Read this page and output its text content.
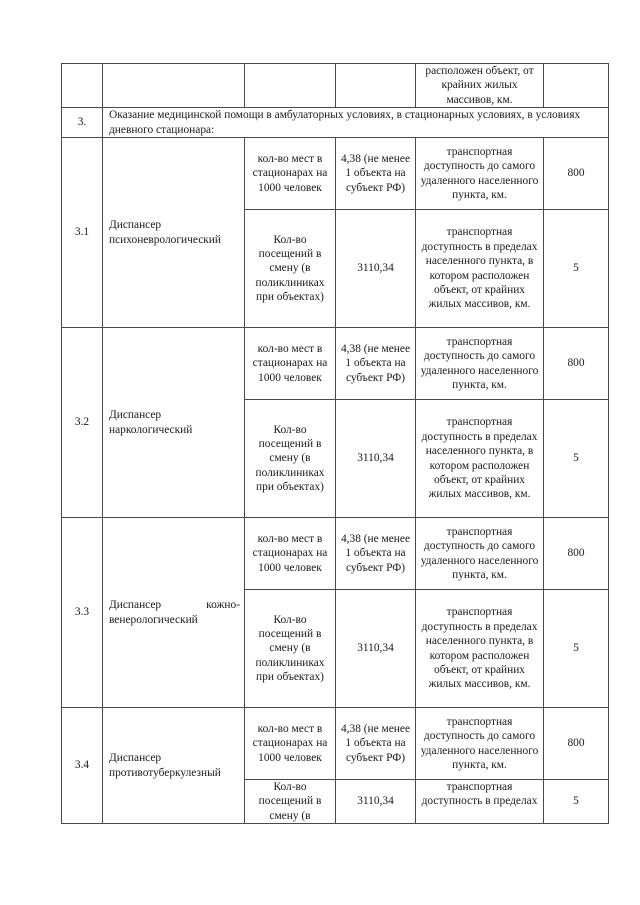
				расположен объект, от крайних жилых массивов, км.	
3.	Оказание медицинской помощи в амбулаторных условиях, в стационарных условиях, в условиях дневного стационара:				
3.1	Диспансер психоневрологический	кол-во мест в стационарах на 1000 человек	4,38 (не менее 1 объекта на субъект РФ)	транспортная доступность до самого удаленного населенного пункта, км.	800
		Кол-во посещений в смену (в поликлиниках при объектах)	3110,34	транспортная доступность в пределах населенного пункта, в котором расположен объект, от крайних жилых массивов, км.	5
3.2	Диспансер наркологический	кол-во мест в стационарах на 1000 человек	4,38 (не менее 1 объекта на субъект РФ)	транспортная доступность до самого удаленного населенного пункта, км.	800
		Кол-во посещений в смену (в поликлиниках при объектах)	3110,34	транспортная доступность в пределах населенного пункта, в котором расположен объект, от крайних жилых массивов, км.	5
3.3	Диспансер кожно-венерологический	кол-во мест в стационарах на 1000 человек	4,38 (не менее 1 объекта на субъект РФ)	транспортная доступность до самого удаленного населенного пункта, км.	800
		Кол-во посещений в смену (в поликлиниках при объектах)	3110,34	транспортная доступность в пределах населенного пункта, в котором расположен объект, от крайних жилых массивов, км.	5
3.4	Диспансер противотуберкулезный	кол-во мест в стационарах на 1000 человек	4,38 (не менее 1 объекта на субъект РФ)	транспортная доступность до самого удаленного населенного пункта, км.	800
		Кол-во посещений в смену (в	3110,34	транспортная доступность в пределах	5
